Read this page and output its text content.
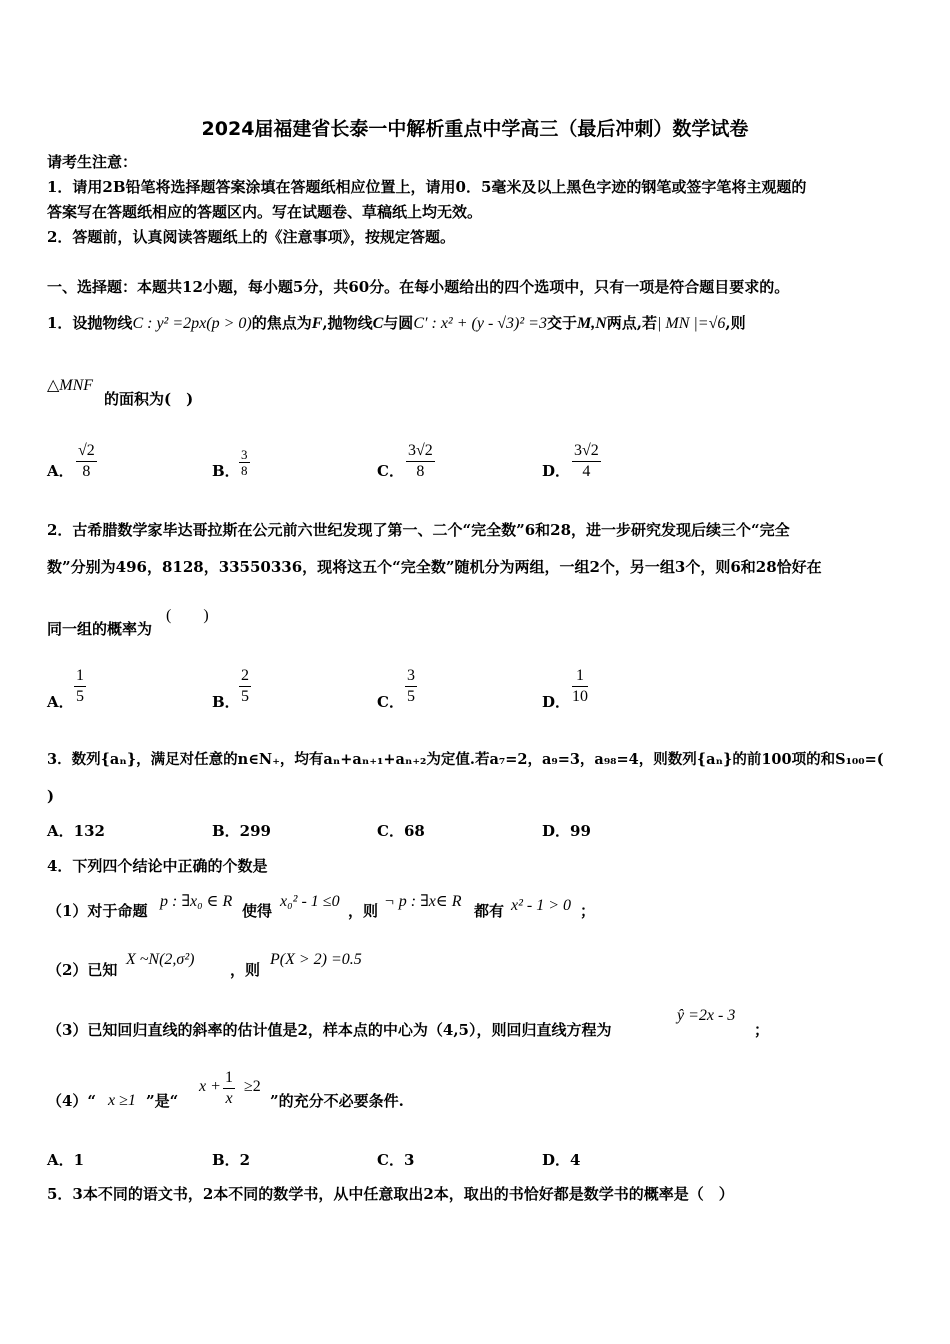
2024届福建省长泰一中解析重点中学高三（最后冲刺）数学试卷
请考生注意：
1．请用2B铅笔将选择题答案涂填在答题纸相应位置上，请用0．5毫米及以上黑色字迹的钢笔或签字笔将主观题的
答案写在答题纸相应的答题区内。写在试题卷、草稿纸上均无效。
2．答题前，认真阅读答题纸上的《注意事项》，按规定答题。
一、选择题：本题共12小题，每小题5分，共60分。在每小题给出的四个选项中，只有一项是符合题目要求的。
1．设抛物线C : y² =2px(p > 0)的焦点为F,抛物线C与圆C′ : x² + (y - √3)² =3交于M,N两点,若| MN |=√6,则
△MNF
的面积为(　)
A． $\frac{√2}{8}$	B． $\frac{3}{8}$	C． $\frac{3√2}{8}$	D． $\frac{3√2}{4}$
2．古希腊数学家毕达哥拉斯在公元前六世纪发现了第一、二个“完全数”6和28，进一步研究发现后续三个“完全
数”分别为496，8128，33550336，现将这五个“完全数”随机分为两组，一组2个，另一组3个，则6和28恰好在
同一组的概率为
(　　)
A． $\frac{1}{5}$	B． $\frac{2}{5}$	C． $\frac{3}{5}$	D． $\frac{1}{10}$
3．数列{aₙ}，满足对任意的n∈N₊，均有aₙ+aₙ₊₁+aₙ₊₂为定值.若a₇=2，a₉=3，a₉₈=4，则数列{aₙ}的前100项的和S₁₀₀=(
)
A．132	B．299	C．68	D．99
4．下列四个结论中正确的个数是
（1）对于命题
p : ∃x₀ ∈ R
使得
x₀² - 1 ≤0
，则
¬ p : ∃x∈ R
都有 x² - 1 > 0 ；
（2）已知
X ~N(2,σ²)
，则
P(X > 2) =0.5
（3）已知回归直线的斜率的估计值是2，样本点的中心为（4,5），则回归直线方程为
ŷ =2x - 3
；
（4）“ x ≥1 ”是“
$x + \frac{1}{x} \ge 2$
”的充分不必要条件.
A．1	B．2	C．3	D．4
5．3本不同的语文书，2本不同的数学书，从中任意取出2本，取出的书恰好都是数学书的概率是（　）
